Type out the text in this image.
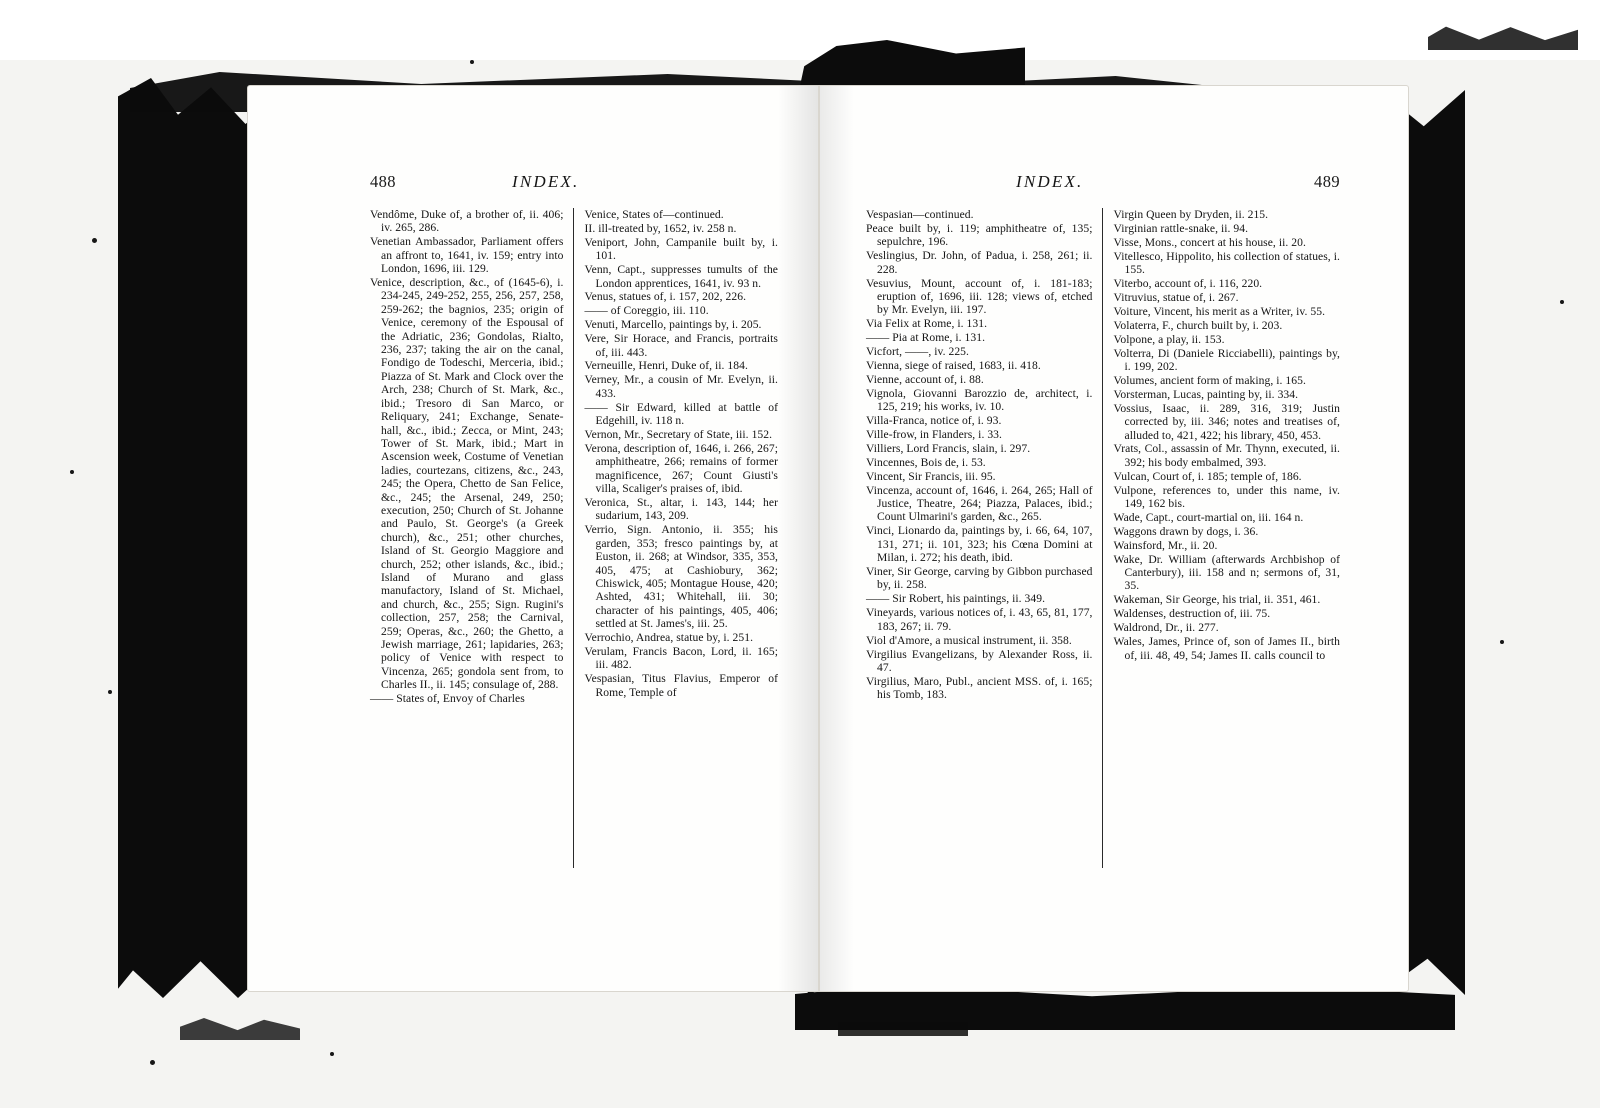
488	INDEX.

Vendôme, Duke of, a brother of, ii. 406; iv. 265, 286.

Venetian Ambassador, Parliament offers an affront to, 1641, iv. 159; entry into London, 1696, iii. 129.

Venice, description, &c., of (1645-6), i. 234-245, 249-252, 255, 256, 257, 258, 259-262; the bagnios, 235; origin of Venice, ceremony of the Espousal of the Adriatic, 236; Gondolas, Rialto, 236, 237; taking the air on the canal, Fondigo de Todeschi, Merceria, ibid.; Piazza of St. Mark and Clock over the Arch, 238; Church of St. Mark, &c., ibid.; Tresoro di San Marco, or Reliquary, 241; Exchange, Senate-hall, &c., ibid.; Zecca, or Mint, 243; Tower of St. Mark, ibid.; Mart in Ascension week, Costume of Venetian ladies, courtezans, citizens, &c., 243, 245; the Opera, Chetto de San Felice, &c., 245; the Arsenal, 249, 250; execution, 250; Church of St. Johanne and Paulo, St. George's (a Greek church), &c., 251; other churches, Island of St. Georgio Maggiore and church, 252; other islands, &c., ibid.; Island of Murano and glass manufactory, Island of St. Michael, and church, &c., 255; Sign. Rugini's collection, 257, 258; the Carnival, 259; Operas, &c., 260; the Ghetto, a Jewish marriage, 261; lapidaries, 263; policy of Venice with respect to Vincenza, 265; gondola sent from, to Charles II., ii. 145; consulage of, 288.

—— States of, Envoy of Charles

Venice, States of—continued.

II. ill-treated by, 1652, iv. 258 n.

Veniport, John, Campanile built by, i. 101.

Venn, Capt., suppresses tumults of the London apprentices, 1641, iv. 93 n.

Venus, statues of, i. 157, 202, 226.

—— of Coreggio, iii. 110.

Venuti, Marcello, paintings by, i. 205.

Vere, Sir Horace, and Francis, portraits of, iii. 443.

Verneuille, Henri, Duke of, ii. 184.

Verney, Mr., a cousin of Mr. Evelyn, ii. 433.

—— Sir Edward, killed at battle of Edgehill, iv. 118 n.

Vernon, Mr., Secretary of State, iii. 152.

Verona, description of, 1646, i. 266, 267; amphitheatre, 266; remains of former magnificence, 267; Count Giusti's villa, Scaliger's praises of, ibid.

Veronica, St., altar, i. 143, 144; her sudarium, 143, 209.

Verrio, Sign. Antonio, ii. 355; his garden, 353; fresco paintings by, at Euston, ii. 268; at Windsor, 335, 353, 405, 475; at Cashiobury, 362; Chiswick, 405; Montague House, 420; Ashted, 431; Whitehall, iii. 30; character of his paintings, 405, 406; settled at St. James's, iii. 25.

Verrochio, Andrea, statue by, i. 251.

Verulam, Francis Bacon, Lord, ii. 165; iii. 482.

Vespasian, Titus Flavius, Emperor of Rome, Temple of

INDEX.	489

Vespasian—continued.

Peace built by, i. 119; amphitheatre of, 135; sepulchre, 196.

Veslingius, Dr. John, of Padua, i. 258, 261; ii. 228.

Vesuvius, Mount, account of, i. 181-183; eruption of, 1696, iii. 128; views of, etched by Mr. Evelyn, iii. 197.

Via Felix at Rome, i. 131.

—— Pia at Rome, i. 131.

Vicfort, ——, iv. 225.

Vienna, siege of raised, 1683, ii. 418.

Vienne, account of, i. 88.

Vignola, Giovanni Barozzio de, architect, i. 125, 219; his works, iv. 10.

Villa-Franca, notice of, i. 93.

Ville-frow, in Flanders, i. 33.

Villiers, Lord Francis, slain, i. 297.

Vincennes, Bois de, i. 53.

Vincent, Sir Francis, iii. 95.

Vincenza, account of, 1646, i. 264, 265; Hall of Justice, Theatre, 264; Piazza, Palaces, ibid.; Count Ulmarini's garden, &c., 265.

Vinci, Lionardo da, paintings by, i. 66, 64, 107, 131, 271; ii. 101, 323; his Cœna Domini at Milan, i. 272; his death, ibid.

Viner, Sir George, carving by Gibbon purchased by, ii. 258.

—— Sir Robert, his paintings, ii. 349.

Vineyards, various notices of, i. 43, 65, 81, 177, 183, 267; ii. 79.

Viol d'Amore, a musical instrument, ii. 358.

Virgilius Evangelizans, by Alexander Ross, ii. 47.

Virgilius, Maro, Publ., ancient MSS. of, i. 165; his Tomb, 183.

Virgin Queen by Dryden, ii. 215.

Virginian rattle-snake, ii. 94.

Visse, Mons., concert at his house, ii. 20.

Vitellesco, Hippolito, his collection of statues, i. 155.

Viterbo, account of, i. 116, 220.

Vitruvius, statue of, i. 267.

Voiture, Vincent, his merit as a Writer, iv. 55.

Volaterra, F., church built by, i. 203.

Volpone, a play, ii. 153.

Volterra, Di (Daniele Ricciabelli), paintings by, i. 199, 202.

Volumes, ancient form of making, i. 165.

Vorsterman, Lucas, painting by, ii. 334.

Vossius, Isaac, ii. 289, 316, 319; Justin corrected by, iii. 346; notes and treatises of, alluded to, 421, 422; his library, 450, 453.

Vrats, Col., assassin of Mr. Thynn, executed, ii. 392; his body embalmed, 393.

Vulcan, Court of, i. 185; temple of, 186.

Vulpone, references to, under this name, iv. 149, 162 bis.

Wade, Capt., court-martial on, iii. 164 n.

Waggons drawn by dogs, i. 36.

Wainsford, Mr., ii. 20.

Wake, Dr. William (afterwards Archbishop of Canterbury), iii. 158 and n; sermons of, 31, 35.

Wakeman, Sir George, his trial, ii. 351, 461.

Waldenses, destruction of, iii. 75.

Waldrond, Dr., ii. 277.

Wales, James, Prince of, son of James II., birth of, iii. 48, 49, 54; James II. calls council to
